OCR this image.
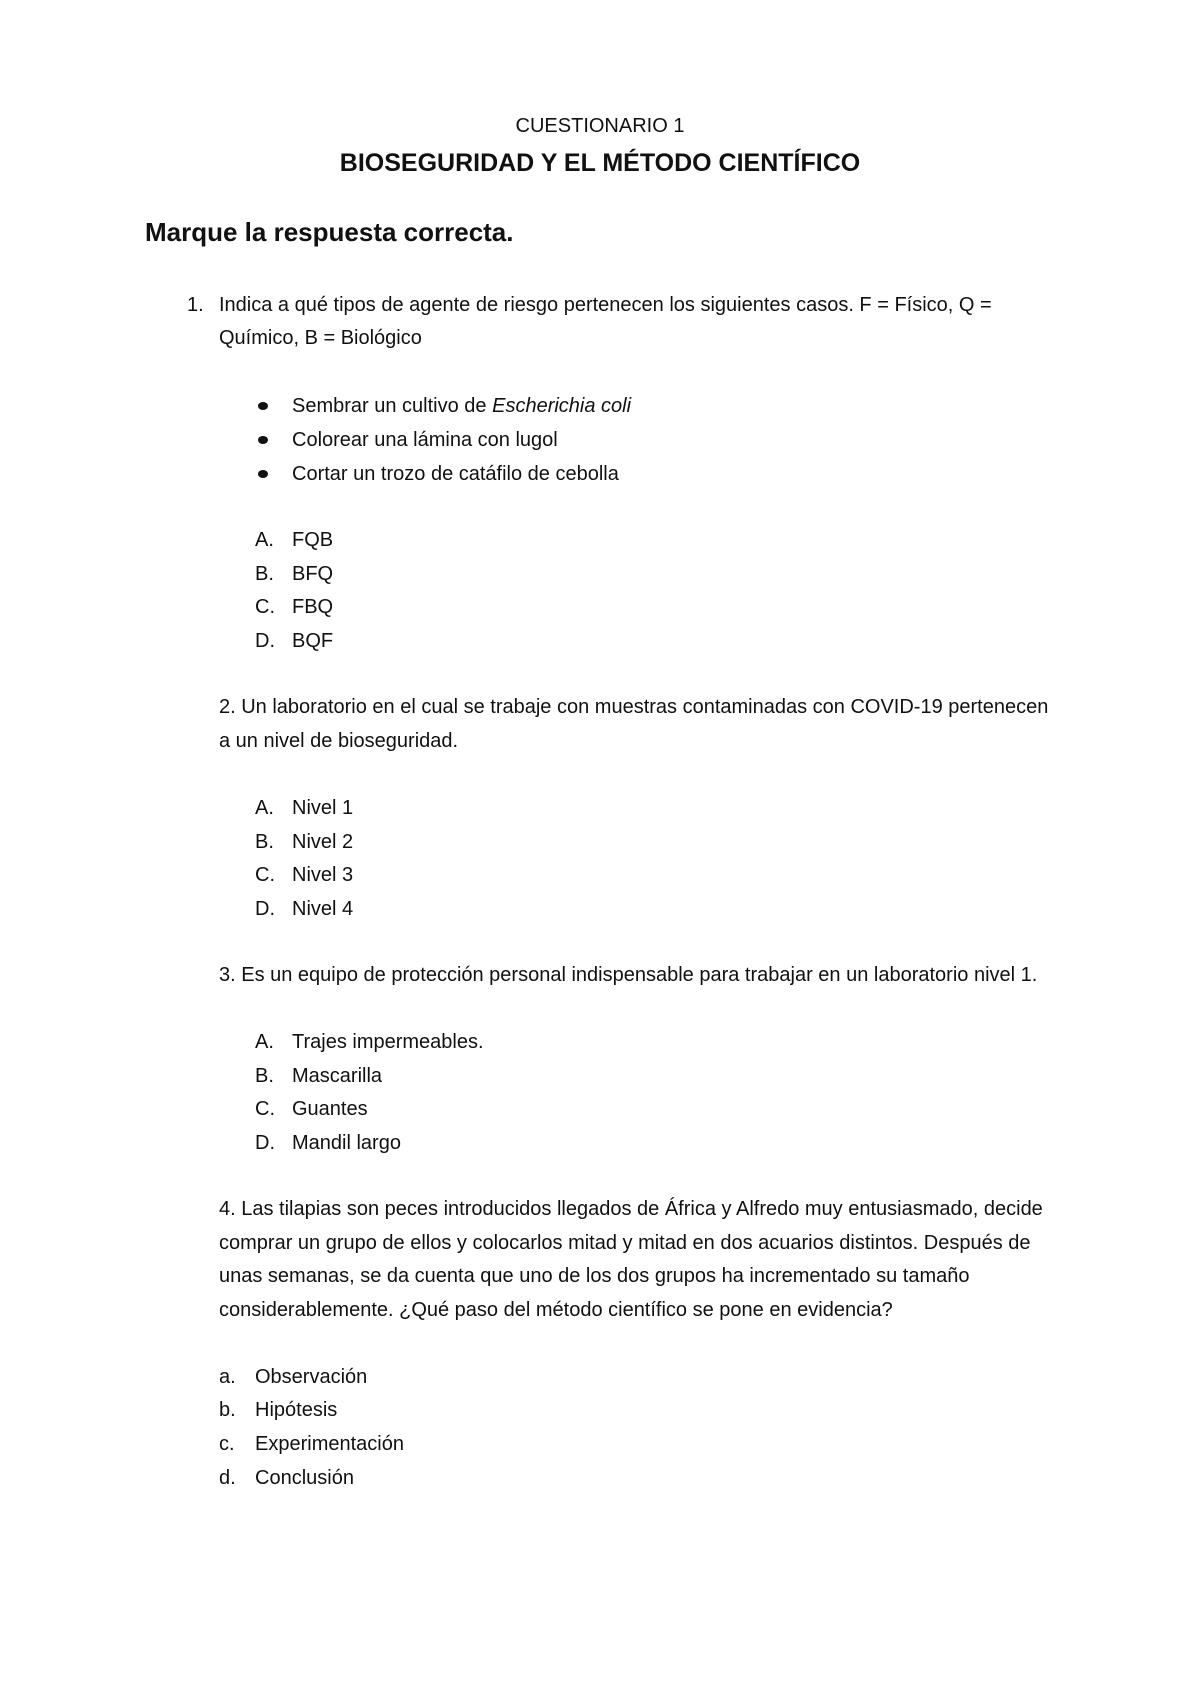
CUESTIONARIO 1
BIOSEGURIDAD Y EL MÉTODO CIENTÍFICO
Marque la respuesta correcta.
1. Indica a qué tipos de agente de riesgo pertenecen los siguientes casos. F = Físico, Q =
Químico, B = Biológico
Sembrar un cultivo de Escherichia coli
Colorear una lámina con lugol
Cortar un trozo de catáfilo de cebolla
A. FQB
B. BFQ
C. FBQ
D. BQF
2. Un laboratorio en el cual se trabaje con muestras contaminadas con COVID-19 pertenecen
a un nivel de bioseguridad.
A. Nivel 1
B. Nivel 2
C. Nivel 3
D. Nivel 4
3. Es un equipo de protección personal indispensable para trabajar en un laboratorio nivel 1.
A. Trajes impermeables.
B. Mascarilla
C. Guantes
D. Mandil largo
4. Las tilapias son peces introducidos llegados de África y Alfredo muy entusiasmado, decide
comprar un grupo de ellos y colocarlos mitad y mitad en dos acuarios distintos. Después de
unas semanas, se da cuenta que uno de los dos grupos ha incrementado su tamaño
considerablemente. ¿Qué paso del método científico se pone en evidencia?
a. Observación
b. Hipótesis
c. Experimentación
d. Conclusión
